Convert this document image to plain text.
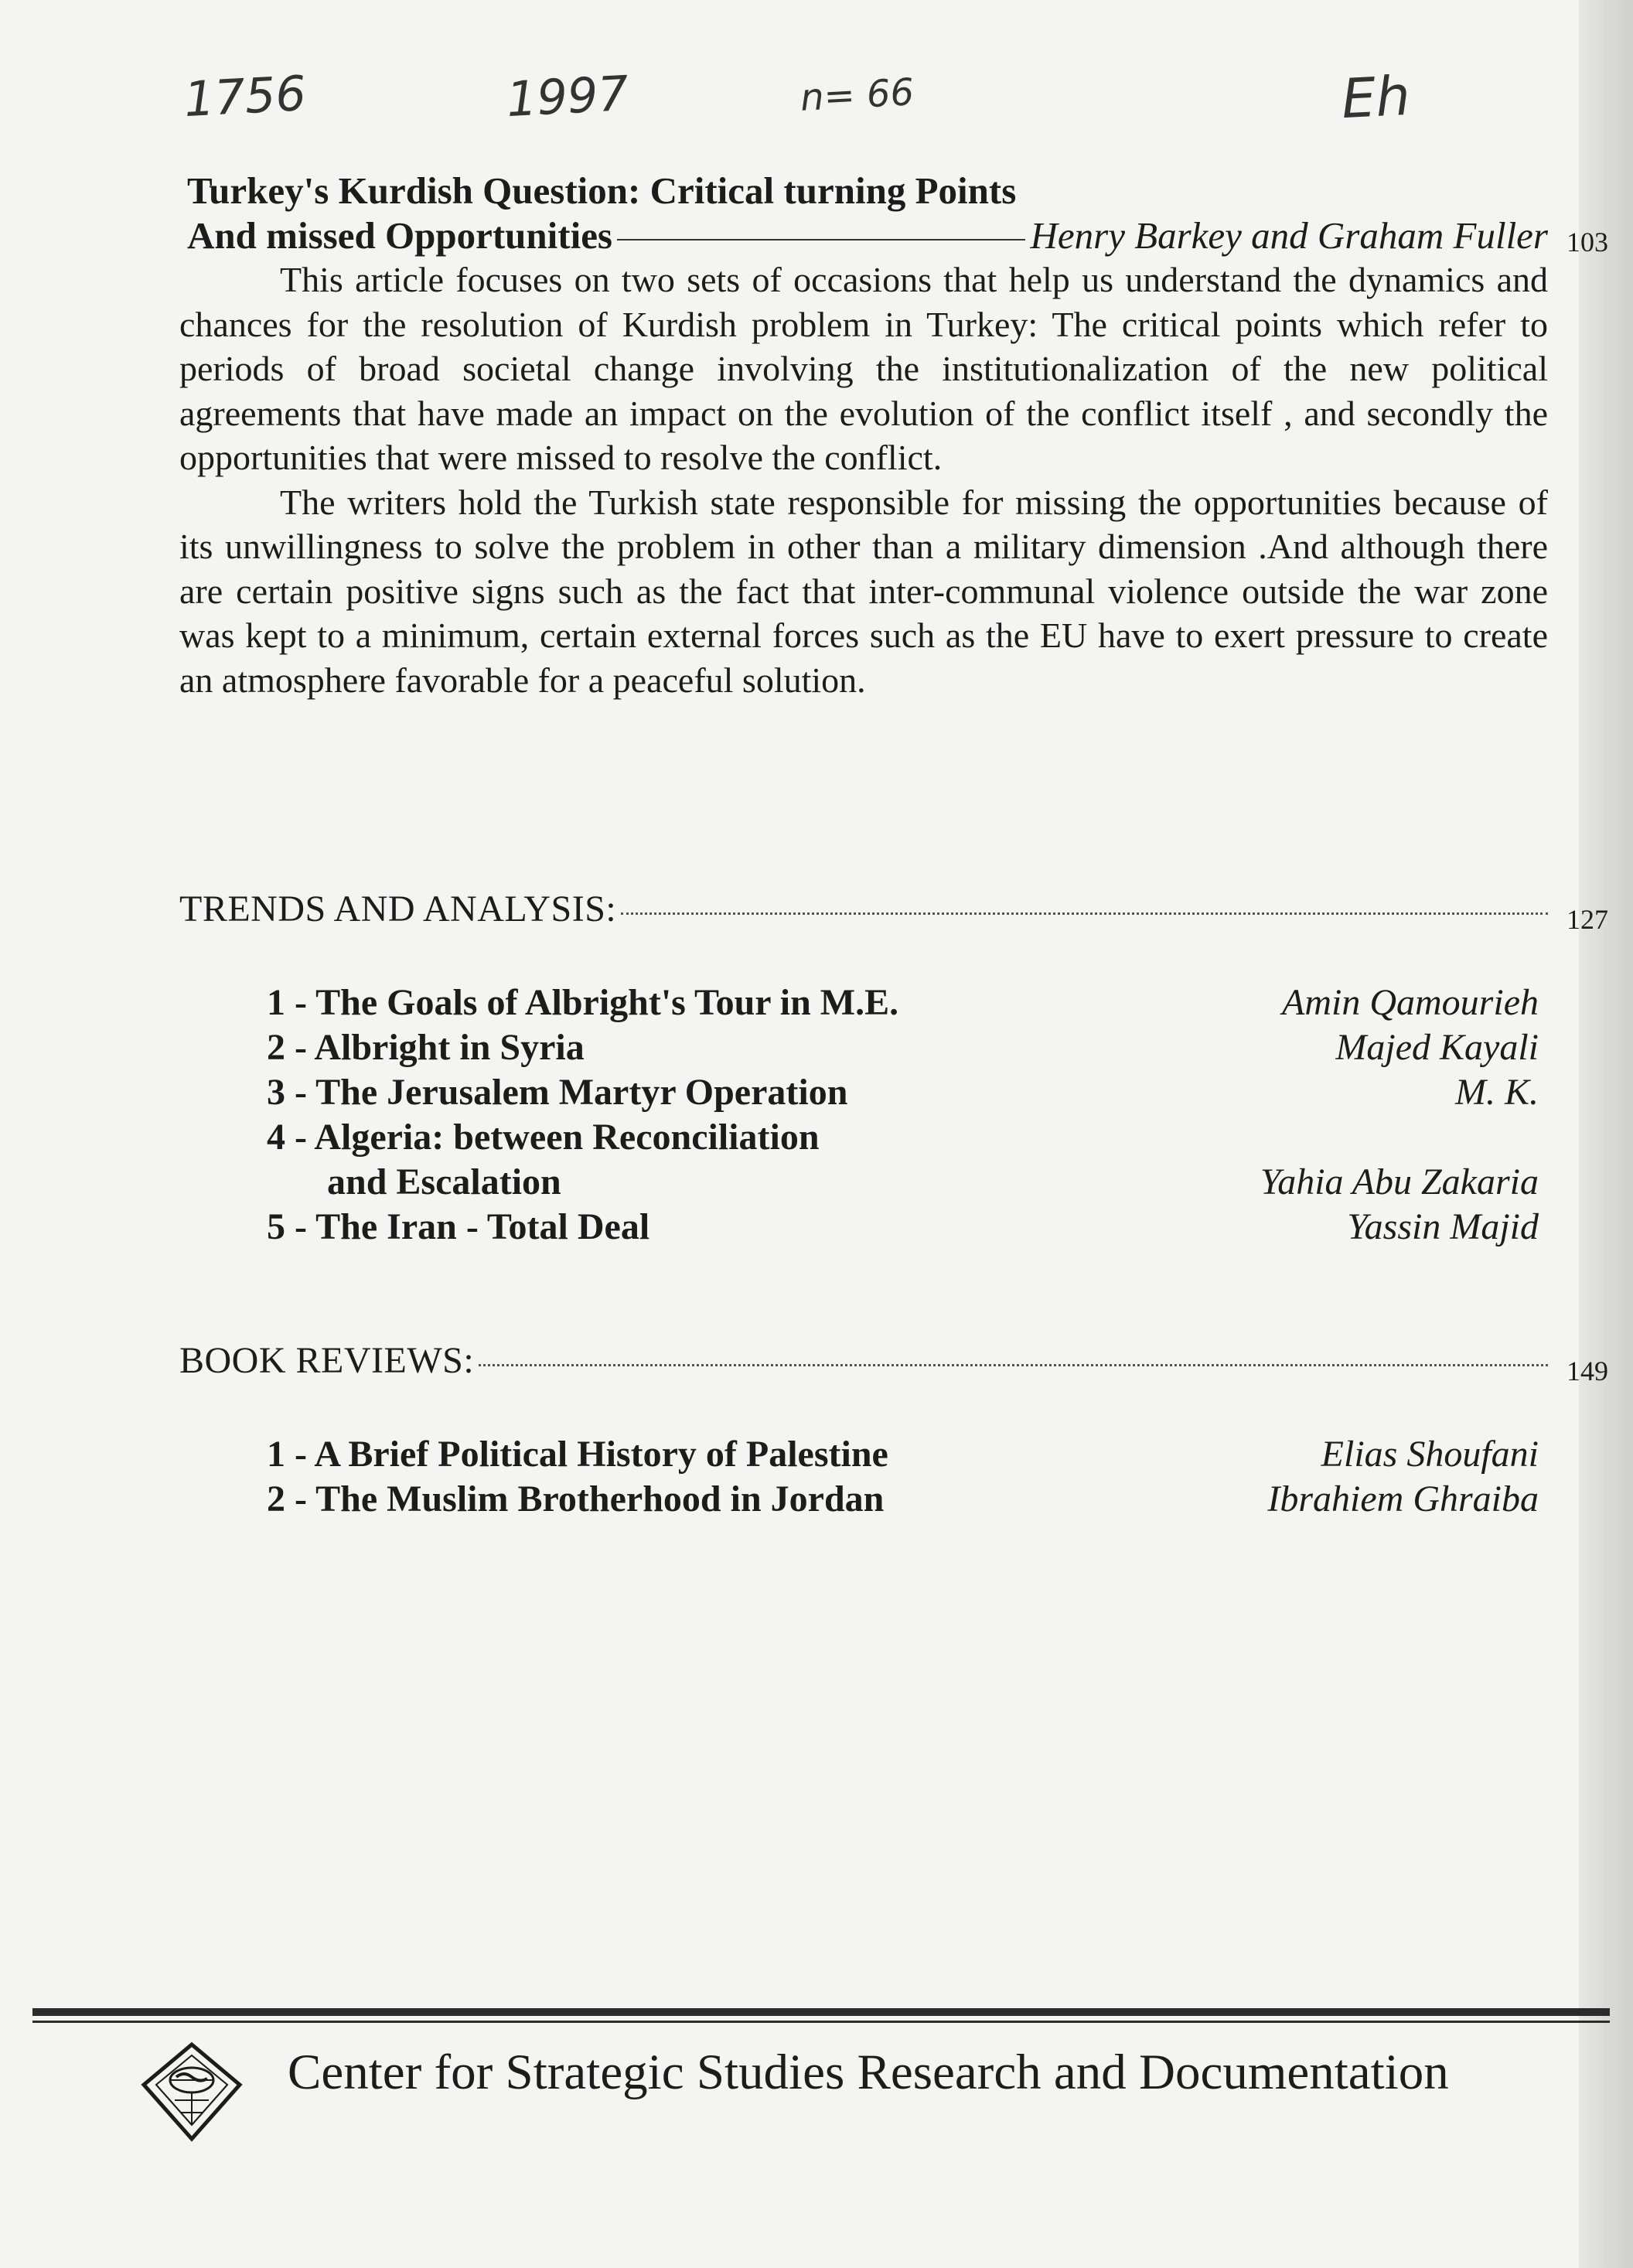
1756	1997	n= 66	Eh
Turkey's Kurdish Question: Critical turning Points
And missed Opportunities	Henry Barkey and Graham Fuller 103

This article focuses on two sets of occasions that help us understand the dynamics and chances for the resolution of Kurdish problem in Turkey: The critical points which refer to periods of broad societal change involving the institutionalization of the new political agreements that have made an impact on the evolution of the conflict itself , and secondly the opportunities that were missed to resolve the conflict.

The writers hold the Turkish state responsible for missing the opportunities because of its unwillingness to solve the problem in other than a military dimension .And although there are certain positive signs such as the fact that inter-communal violence outside the war zone was kept to a minimum, certain external forces such as the EU have to exert pressure to create an atmosphere favorable for a peaceful solution.

TRENDS AND ANALYSIS:	127
1 - The Goals of Albright's Tour in M.E.	Amin Qamourieh
2 - Albright in Syria	Majed Kayali
3 - The Jerusalem Martyr Operation	M. K.
4 - Algeria: between Reconciliation
and Escalation	Yahia Abu Zakaria
5 - The Iran - Total Deal	Yassin Majid
BOOK REVIEWS:	149
1 - A Brief Political History of Palestine	Elias Shoufani
2 - The Muslim Brotherhood in Jordan	Ibrahiem Ghraiba
Center for Strategic Studies Research and Documentation
